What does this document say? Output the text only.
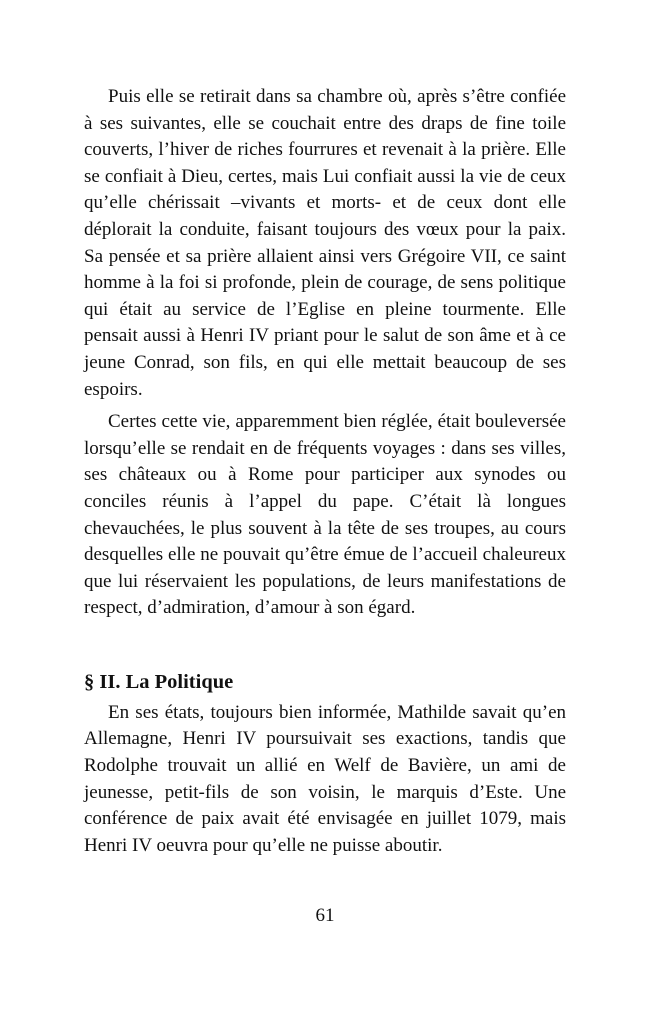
Puis elle se retirait dans sa chambre où, après s’être confiée à ses suivantes, elle se couchait entre des draps de fine toile couverts, l’hiver de riches fourrures et revenait à la prière. Elle se confiait à Dieu, certes, mais Lui confiait aussi la vie de ceux qu’elle chérissait –vivants et morts- et de ceux dont elle déplorait la conduite, faisant toujours des vœux pour la paix. Sa pensée et sa prière allaient ainsi vers Grégoire VII, ce saint homme à la foi si profonde, plein de courage, de sens politique qui était au service de l’Eglise en pleine tourmente. Elle pensait aussi à Henri IV priant pour le salut de son âme et à ce jeune Conrad, son fils, en qui elle mettait beaucoup de ses espoirs.

Certes cette vie, apparemment bien réglée, était bouleversée lorsqu’elle se rendait en de fréquents voyages : dans ses villes, ses châteaux ou à Rome pour participer aux synodes ou conciles réunis à l’appel du pape. C’était là longues chevauchées, le plus souvent à la tête de ses troupes, au cours desquelles elle ne pouvait qu’être émue de l’accueil chaleureux que lui réservaient les populations, de leurs manifestations de respect, d’admiration, d’amour à son égard.

§ II. La Politique

En ses états, toujours bien informée, Mathilde savait qu’en Allemagne, Henri IV poursuivait ses exactions, tandis que Rodolphe trouvait un allié en Welf de Bavière, un ami de jeunesse, petit-fils de son voisin, le marquis d’Este. Une conférence de paix avait été envisagée en juillet 1079, mais Henri IV oeuvra pour qu’elle ne puisse aboutir.

61
